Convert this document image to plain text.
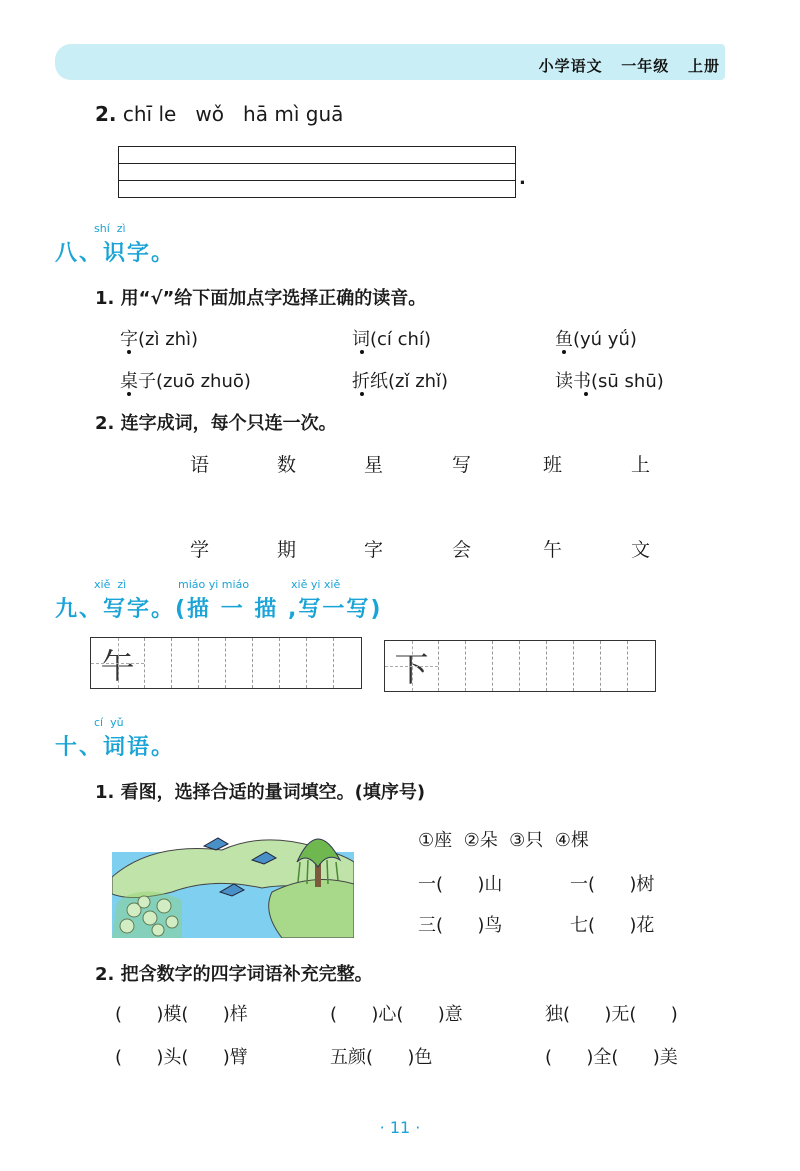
小学语文 一年级 上册
2. chī le   wǒ   hā mì guā
.
shí  zì
八、识字。
1. 用“√”给下面加点字选择正确的读音。
字(zì zhì)	词(cí chí)	鱼(yú yǘ)
桌子(zuō zhuō)	折纸(zǐ zhǐ)	读书(sū shū)
2. 连字成词，每个只连一次。
语	数	星	写	班	上
学	期	字	会	午	文
xiě  zì	miáo yi miáo	xiě yi xiě
九、写字。(描 一 描 ,写一写)
午	下
cí  yǔ
十、词语。
1. 看图，选择合适的量词填空。(填序号)
①座  ②朵  ③只  ④棵
一(      )山	一(      )树
三(      )鸟	七(      )花
2. 把含数字的四字词语补充完整。
(      )模(      )样	(      )心(      )意	独(      )无(      )
(      )头(      )臂	五颜(      )色	(      )全(      )美
· 11 ·
